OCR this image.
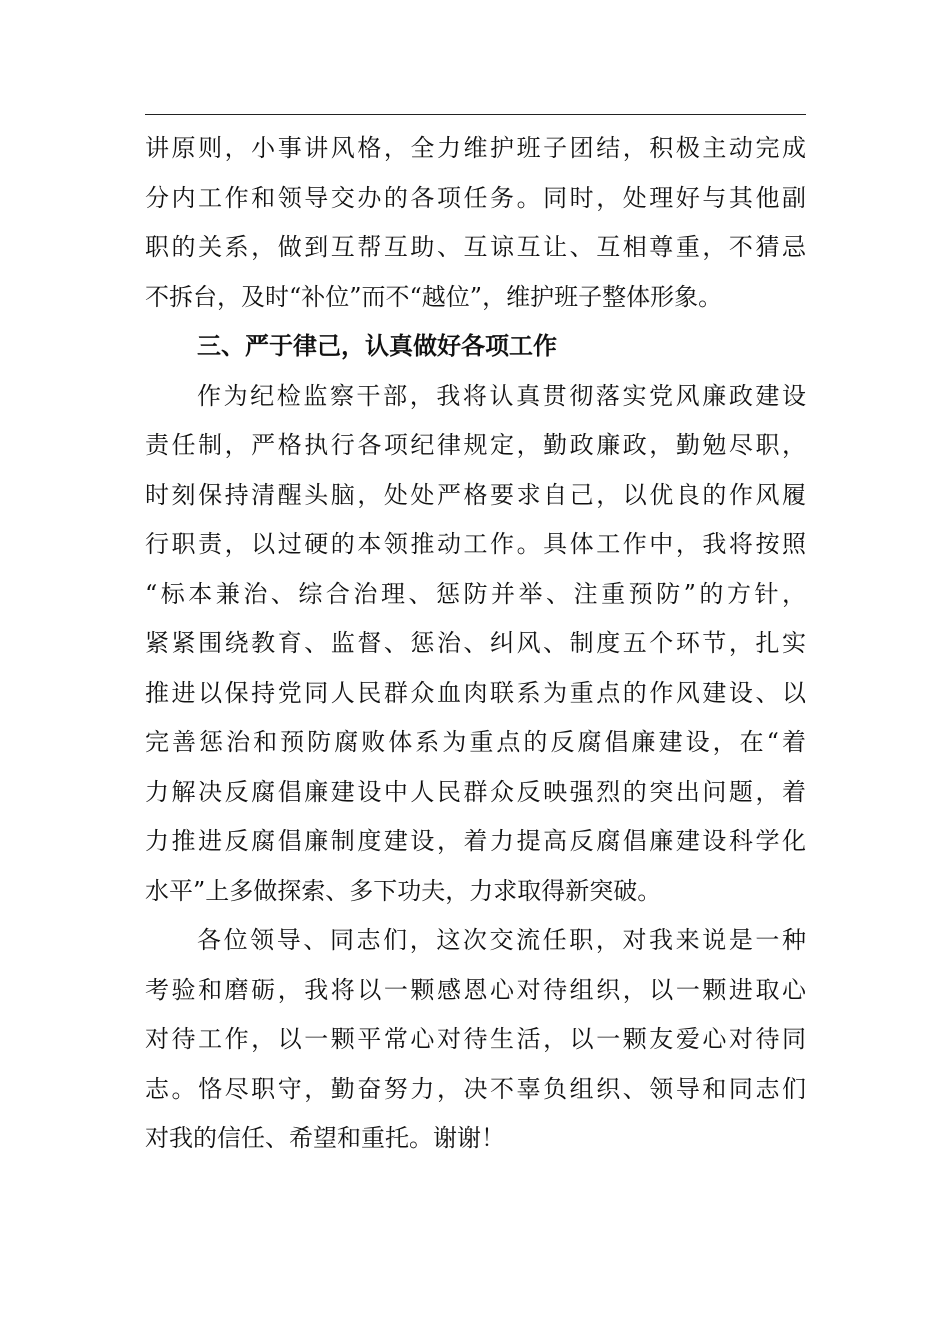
讲原则，小事讲风格，全力维护班子团结，积极主动完成
分内工作和领导交办的各项任务。同时，处理好与其他副
职的关系，做到互帮互助、互谅互让、互相尊重，不猜忌
不拆台，及时“补位”而不“越位”，维护班子整体形象。
三、严于律己，认真做好各项工作
作为纪检监察干部，我将认真贯彻落实党风廉政建设
责任制，严格执行各项纪律规定，勤政廉政，勤勉尽职，
时刻保持清醒头脑，处处严格要求自己，以优良的作风履
行职责，以过硬的本领推动工作。具体工作中，我将按照
“标本兼治、综合治理、惩防并举、注重预防”的方针，
紧紧围绕教育、监督、惩治、纠风、制度五个环节，扎实
推进以保持党同人民群众血肉联系为重点的作风建设、以
完善惩治和预防腐败体系为重点的反腐倡廉建设，在“着
力解决反腐倡廉建设中人民群众反映强烈的突出问题，着
力推进反腐倡廉制度建设，着力提高反腐倡廉建设科学化
水平”上多做探索、多下功夫，力求取得新突破。
各位领导、同志们，这次交流任职，对我来说是一种
考验和磨砺，我将以一颗感恩心对待组织，以一颗进取心
对待工作，以一颗平常心对待生活，以一颗友爱心对待同
志。恪尽职守，勤奋努力，决不辜负组织、领导和同志们
对我的信任、希望和重托。谢谢！
